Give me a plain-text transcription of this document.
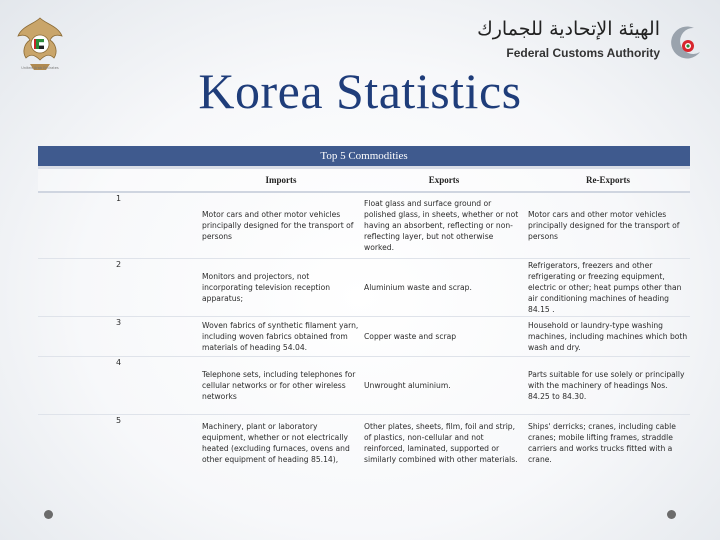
United Arab Emirates
الهيئة الإتحادية للجمارك
Federal Customs Authority
Korea Statistics
Top 5 Commodities
	Imports	Exports	Re-Exports
1	Motor cars and other motor vehicles principally designed for the transport of persons	Float glass and surface ground or polished glass, in sheets, whether or not having an absorbent, reflecting or non-reflecting layer, but not otherwise worked.	Motor cars and other motor vehicles principally designed for the transport of persons
2	Monitors and projectors, not incorporating television reception apparatus;	Aluminium waste and scrap.	Refrigerators, freezers and other refrigerating or freezing equipment, electric or other; heat pumps other than air conditioning machines of heading 84.15 .
3	Woven fabrics of synthetic filament yarn, including woven fabrics obtained from materials of heading 54.04.	Copper waste and scrap	Household or laundry-type washing machines, including machines which both wash and dry.
4	Telephone sets, including telephones for cellular networks or for other wireless networks	Unwrought aluminium.	Parts suitable for use solely or principally with the machinery of headings Nos. 84.25 to 84.30.
5	Machinery, plant or laboratory equipment, whether or not electrically heated (excluding furnaces, ovens and other equipment of heading 85.14),	Other plates, sheets, film, foil and strip, of plastics, non-cellular and not reinforced, laminated, supported or similarly combined with other materials.	Ships' derricks; cranes, including cable cranes; mobile lifting frames, straddle carriers and works trucks fitted with a crane.
